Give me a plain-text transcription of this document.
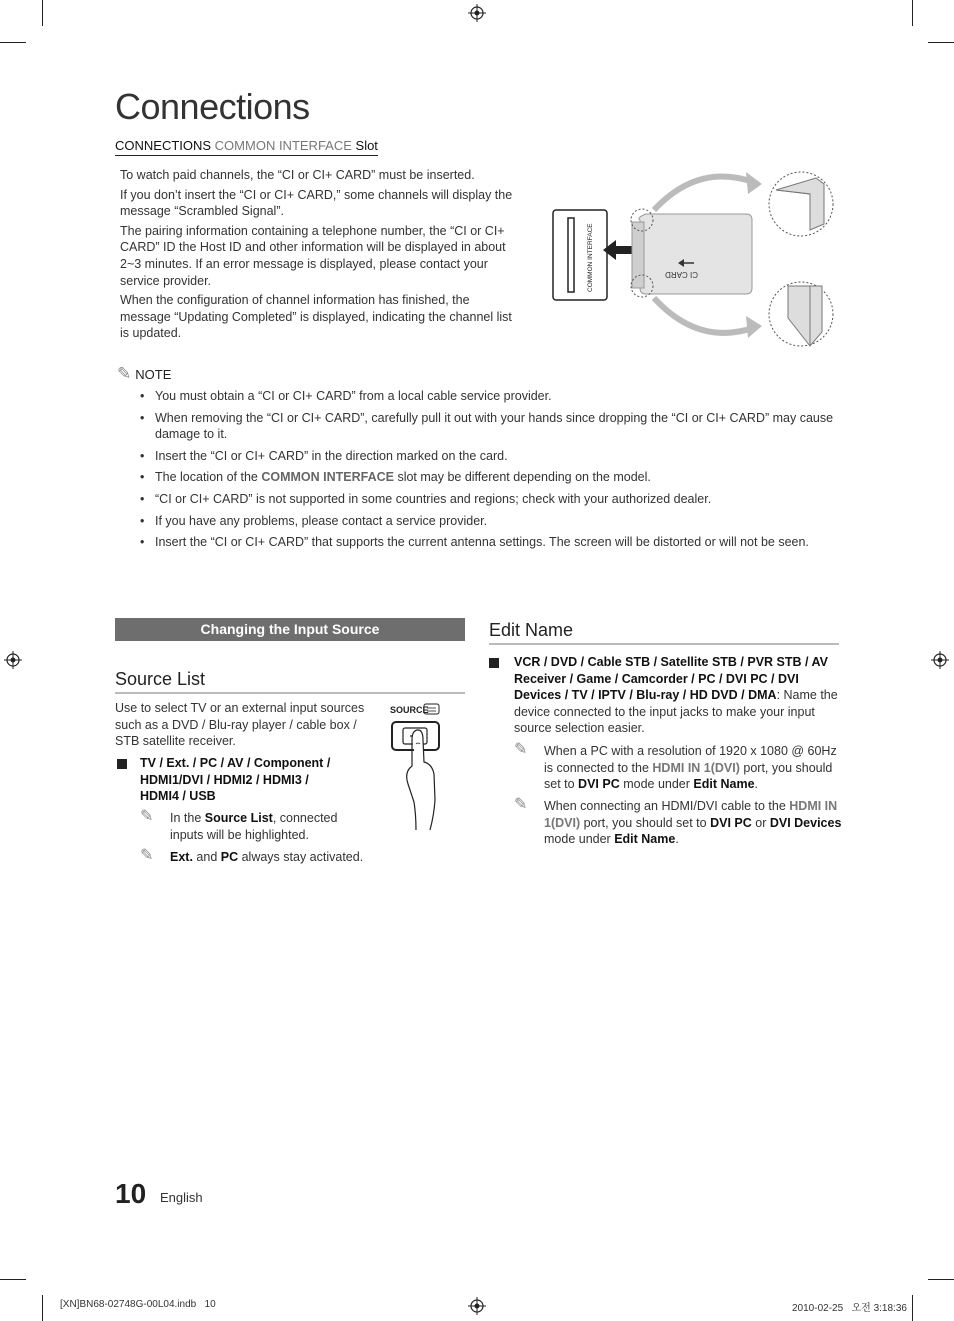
Connections
CONNECTIONS COMMON INTERFACE Slot

To watch paid channels, the “CI or CI+ CARD” must be inserted.

If you don’t insert the “CI or CI+ CARD,” some channels will display the message “Scrambled Signal”.

The pairing information containing a telephone number, the “CI or CI+ CARD” ID the Host ID and other information will be displayed in about 2~3 minutes. If an error message is displayed, please contact your service provider.

When the configuration of channel information has finished, the message “Updating Completed” is displayed, indicating the channel list is updated.

COMMON INTERFACE	CI CARD
✎ NOTE
• You must obtain a “CI or CI+ CARD” from a local cable service provider.
• When removing the “CI or CI+ CARD”, carefully pull it out with your hands since dropping the “CI or CI+ CARD” may cause damage to it.
• Insert the “CI or CI+ CARD” in the direction marked on the card.
• The location of the COMMON INTERFACE slot may be different depending on the model.
• “CI or CI+ CARD” is not supported in some countries and regions; check with your authorized dealer.
• If you have any problems, please contact a service provider.
• Insert the “CI or CI+ CARD” that supports the current antenna settings. The screen will be distorted or will not be seen.
Changing the Input Source
Source List
Use to select TV or an external input sources such as a DVD / Blu-ray player / cable box / STB satellite receiver.
TV / Ext. / PC / AV / Component / HDMI1/DVI / HDMI2 / HDMI3 / HDMI4 / USB
✎ In the Source List, connected inputs will be highlighted.
✎ Ext. and PC always stay activated.
SOURCE
Edit Name
VCR / DVD / Cable STB / Satellite STB / PVR STB / AV Receiver / Game / Camcorder / PC / DVI PC / DVI Devices / TV / IPTV / Blu-ray / HD DVD / DMA: Name the device connected to the input jacks to make your input source selection easier.
✎ When a PC with a resolution of 1920 x 1080 @ 60Hz is connected to the HDMI IN 1(DVI) port, you should set to DVI PC mode under Edit Name.
✎ When connecting an HDMI/DVI cable to the HDMI IN 1(DVI) port, you should set to DVI PC or DVI Devices mode under Edit Name.
10 English
[XN]BN68-02748G-00L04.indb   10	2010-02-25   오전 3:18:36
